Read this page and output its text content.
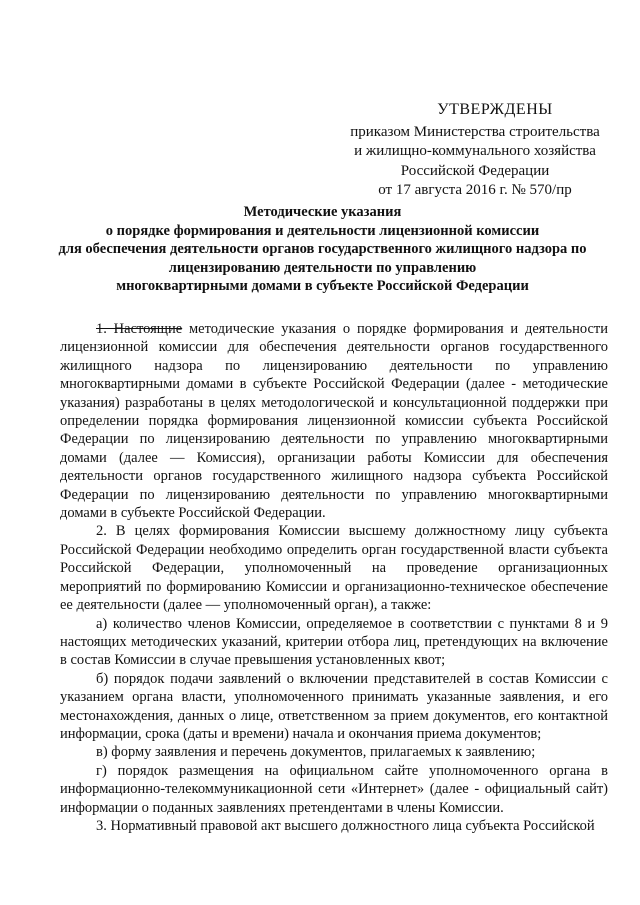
УТВЕРЖДЕНЫ
приказом Министерства строительства
и жилищно-коммунального хозяйства
Российской Федерации
от 17 августа 2016 г. № 570/пр
Методические указания
о порядке формирования и деятельности лицензионной комиссии
для обеспечения деятельности органов государственного жилищного надзора по
лицензированию деятельности по управлению
многоквартирными домами в субъекте Российской Федерации

1. Настоящие методические указания о порядке формирования и деятельности лицензионной комиссии для обеспечения деятельности органов государственного жилищного надзора по лицензированию деятельности по управлению многоквартирными домами в субъекте Российской Федерации (далее - методические указания) разработаны в целях методологической и консультационной поддержки при определении порядка формирования лицензионной комиссии субъекта Российской Федерации по лицензированию деятельности по управлению многоквартирными домами (далее — Комиссия), организации работы Комиссии для обеспечения деятельности органов государственного жилищного надзора субъекта Российской Федерации по лицензированию деятельности по управлению многоквартирными домами в субъекте Российской Федерации.

2. В целях формирования Комиссии высшему должностному лицу субъекта Российской Федерации необходимо определить орган государственной власти субъекта Российской Федерации, уполномоченный на проведение организационных мероприятий по формированию Комиссии и организационно-техническое обеспечение ее деятельности (далее — уполномоченный орган), а также:

а) количество членов Комиссии, определяемое в соответствии с пунктами 8 и 9 настоящих методических указаний, критерии отбора лиц, претендующих на включение в состав Комиссии в случае превышения установленных квот;

б) порядок подачи заявлений о включении представителей в состав Комиссии с указанием органа власти, уполномоченного принимать указанные заявления, и его местонахождения, данных о лице, ответственном за прием документов, его контактной информации, срока (даты и времени) начала и окончания приема документов;

в) форму заявления и перечень документов, прилагаемых к заявлению;

г) порядок размещения на официальном сайте уполномоченного органа в информационно-телекоммуникационной сети «Интернет» (далее - официальный сайт) информации о поданных заявлениях претендентами в члены Комиссии.

3. Нормативный правовой акт высшего должностного лица субъекта Российской
